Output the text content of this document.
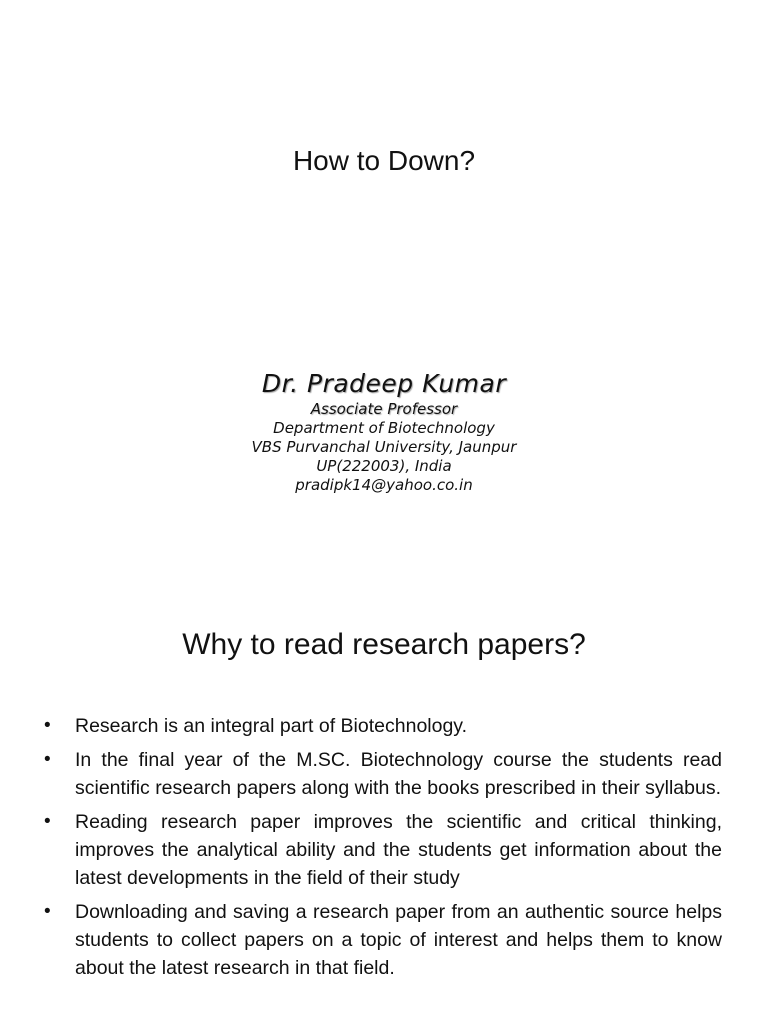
How to Down?
Dr. Pradeep Kumar
Associate Professor
Department of Biotechnology
VBS Purvanchal University, Jaunpur
UP(222003), India
pradipk14@yahoo.co.in
Why to read research papers?
• Research is an integral part of Biotechnology.
• In the final year of the M.SC. Biotechnology course the students read scientific research papers along with the books prescribed in their syllabus.
• Reading research paper improves the scientific and critical thinking, improves the analytical ability and the students get information about the latest developments in the field of their study
• Downloading and saving a research paper from an authentic source helps students to collect papers on a topic of interest and helps them to know about the latest research in that field.
